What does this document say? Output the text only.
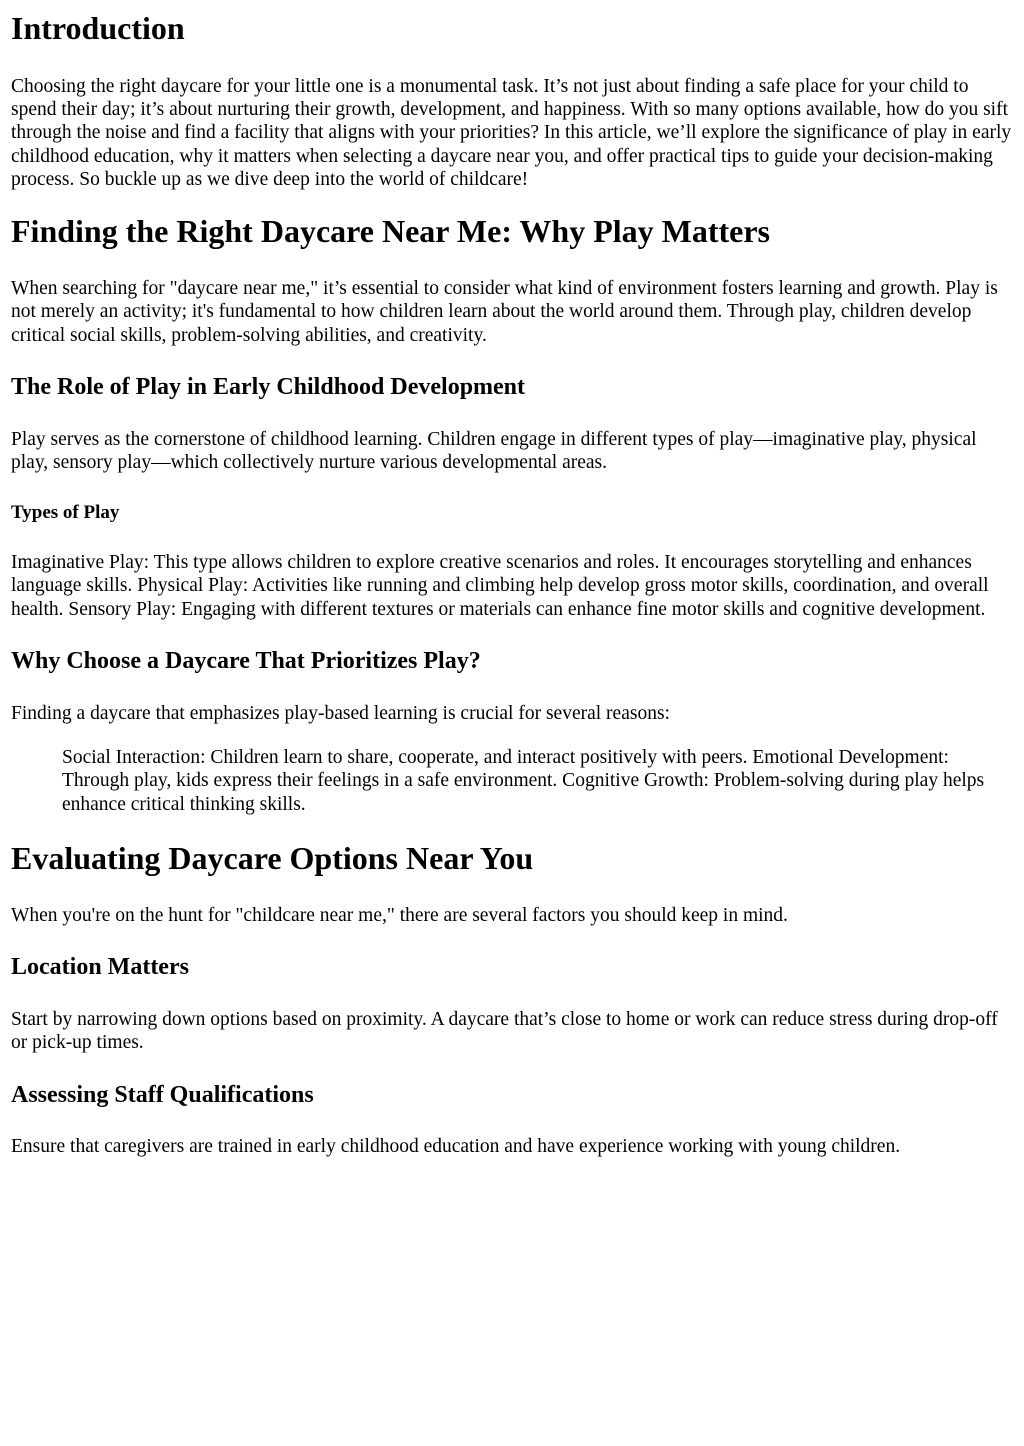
Introduction

Choosing the right daycare for your little one is a monumental task. It’s not just about finding a safe place for your child to spend their day; it’s about nurturing their growth, development, and happiness. With so many options available, how do you sift through the noise and find a facility that aligns with your priorities? In this article, we’ll explore the significance of play in early childhood education, why it matters when selecting a daycare near you, and offer practical tips to guide your decision-making process. So buckle up as we dive deep into the world of childcare!

Finding the Right Daycare Near Me: Why Play Matters

When searching for "daycare near me," it’s essential to consider what kind of environment fosters learning and growth. Play is not merely an activity; it's fundamental to how children learn about the world around them. Through play, children develop critical social skills, problem-solving abilities, and creativity.

The Role of Play in Early Childhood Development

Play serves as the cornerstone of childhood learning. Children engage in different types of play—imaginative play, physical play, sensory play—which collectively nurture various developmental areas.

Types of Play

Imaginative Play: This type allows children to explore creative scenarios and roles. It encourages storytelling and enhances language skills. Physical Play: Activities like running and climbing help develop gross motor skills, coordination, and overall health. Sensory Play: Engaging with different textures or materials can enhance fine motor skills and cognitive development.

Why Choose a Daycare That Prioritizes Play?

Finding a daycare that emphasizes play-based learning is crucial for several reasons:

Social Interaction: Children learn to share, cooperate, and interact positively with peers. Emotional Development: Through play, kids express their feelings in a safe environment. Cognitive Growth: Problem-solving during play helps enhance critical thinking skills.
Evaluating Daycare Options Near You

When you're on the hunt for "childcare near me," there are several factors you should keep in mind.

Location Matters

Start by narrowing down options based on proximity. A daycare that’s close to home or work can reduce stress during drop-off or pick-up times.

Assessing Staff Qualifications

Ensure that caregivers are trained in early childhood education and have experience working with young children.
